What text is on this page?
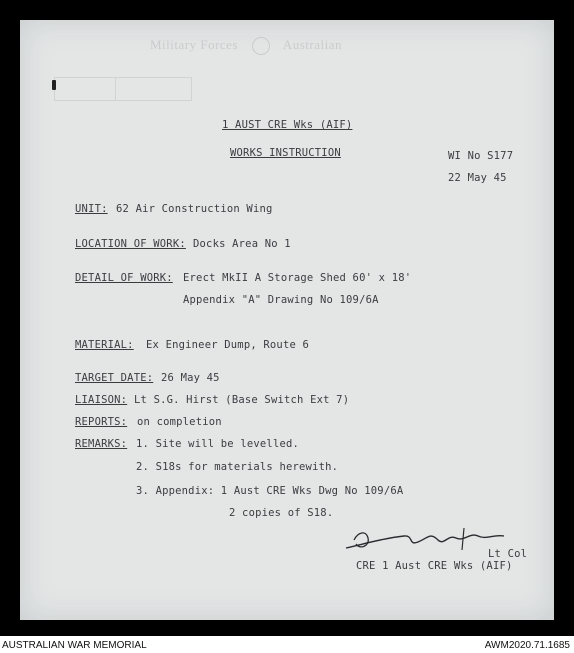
Military Forces	Australian
1 AUST CRE Wks (AIF)
WORKS INSTRUCTION	WI No S177
22 May 45
UNIT: 62 Air Construction Wing
LOCATION OF WORK: Docks Area No 1
DETAIL OF WORK: Erect MkII A Storage Shed 60' x 18'
Appendix "A" Drawing No 109/6A
MATERIAL: Ex Engineer Dump, Route 6
TARGET DATE: 26 May 45
LIAISON: Lt S.G. Hirst (Base Switch Ext 7)
REPORTS: on completion
REMARKS: 1. Site will be levelled.
2. S18s for materials herewith.
3. Appendix: 1 Aust CRE Wks Dwg No 109/6A
2 copies of S18.
Lt Col
CRE 1 Aust CRE Wks (AIF)
AUSTRALIAN WAR MEMORIAL	AWM2020.71.1685
